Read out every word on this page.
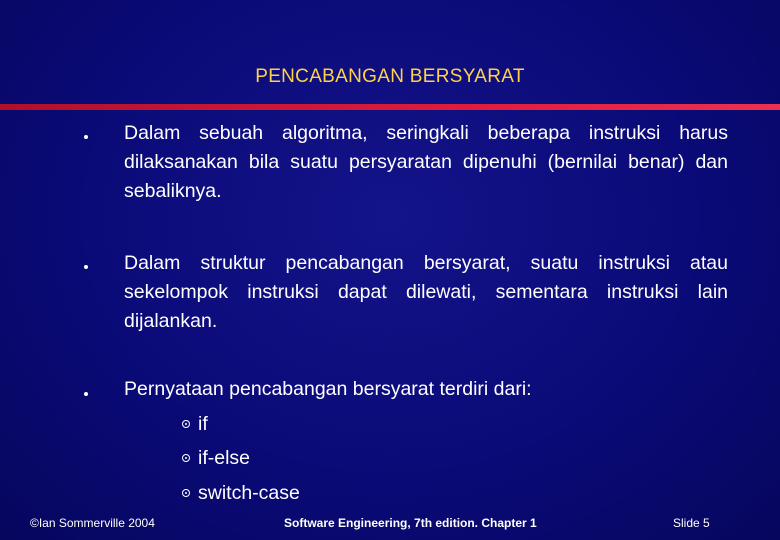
PENCABANGAN BERSYARAT
Dalam sebuah algoritma, seringkali beberapa instruksi harus dilaksanakan bila suatu persyaratan dipenuhi (bernilai benar) dan sebaliknya.
Dalam struktur pencabangan bersyarat, suatu instruksi atau sekelompok instruksi dapat dilewati, sementara instruksi lain dijalankan.
Pernyataan pencabangan bersyarat terdiri dari:
if
if-else
switch-case
©Ian Sommerville 2004	Software Engineering, 7th edition. Chapter 1	Slide 5
